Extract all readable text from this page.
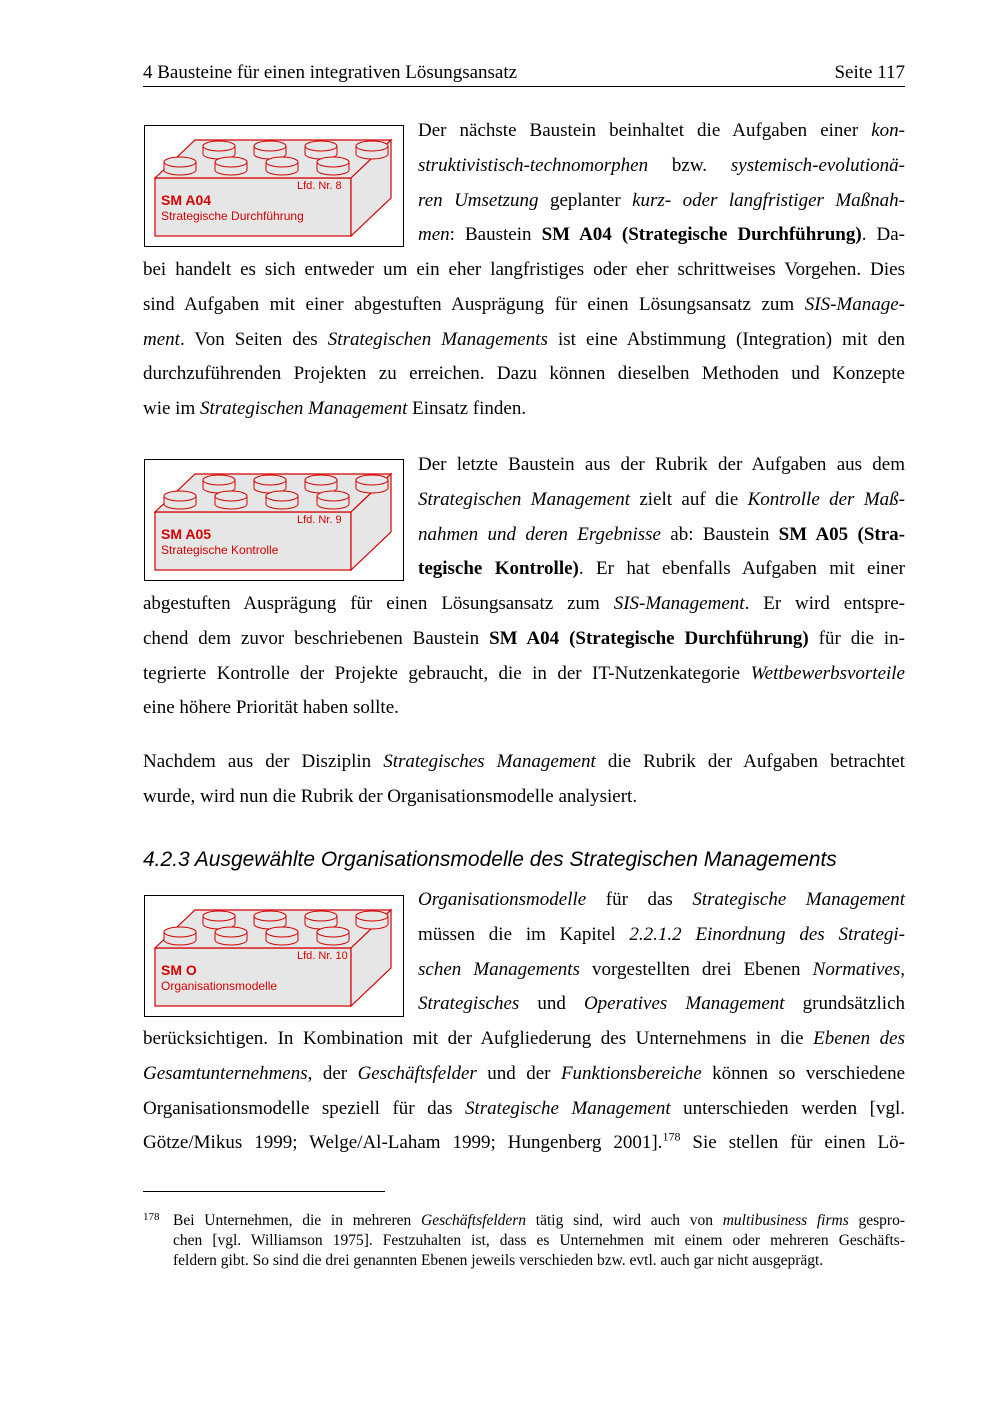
4 Bausteine für einen integrativen Lösungsansatz	Seite 117
Lfd. Nr. 8
SM A04
Strategische Durchführung
Der nächste Baustein beinhaltet die Aufgaben einer kon-
struktivistisch-technomorphen bzw. systemisch-evolutionä-
ren Umsetzung geplanter kurz- oder langfristiger Maßnah-
men: Baustein SM A04 (Strategische Durchführung). Da-
bei handelt es sich entweder um ein eher langfristiges oder eher schrittweises Vorgehen. Dies
sind Aufgaben mit einer abgestuften Ausprägung für einen Lösungsansatz zum SIS-Manage-
ment. Von Seiten des Strategischen Managements ist eine Abstimmung (Integration) mit den
durchzuführenden Projekten zu erreichen. Dazu können dieselben Methoden und Konzepte
wie im Strategischen Management Einsatz finden.
Lfd. Nr. 9
SM A05
Strategische Kontrolle
Der letzte Baustein aus der Rubrik der Aufgaben aus dem
Strategischen Management zielt auf die Kontrolle der Maß-
nahmen und deren Ergebnisse ab: Baustein SM A05 (Stra-
tegische Kontrolle). Er hat ebenfalls Aufgaben mit einer
abgestuften Ausprägung für einen Lösungsansatz zum SIS-Management. Er wird entspre-
chend dem zuvor beschriebenen Baustein SM A04 (Strategische Durchführung) für die in-
tegrierte Kontrolle der Projekte gebraucht, die in der IT-Nutzenkategorie Wettbewerbsvorteile
eine höhere Priorität haben sollte.
Nachdem aus der Disziplin Strategisches Management die Rubrik der Aufgaben betrachtet
wurde, wird nun die Rubrik der Organisationsmodelle analysiert.
4.2.3 Ausgewählte Organisationsmodelle des Strategischen Managements
Lfd. Nr. 10
SM O
Organisationsmodelle
Organisationsmodelle für das Strategische Management
müssen die im Kapitel 2.2.1.2 Einordnung des Strategi-
schen Managements vorgestellten drei Ebenen Normatives,
Strategisches und Operatives Management grundsätzlich
berücksichtigen. In Kombination mit der Aufgliederung des Unternehmens in die Ebenen des
Gesamtunternehmens, der Geschäftsfelder und der Funktionsbereiche können so verschiedene
Organisationsmodelle speziell für das Strategische Management unterschieden werden [vgl.
Götze/Mikus 1999; Welge/Al-Laham 1999; Hungenberg 2001].$^{178}$ Sie stellen für einen Lö-
178 Bei Unternehmen, die in mehreren Geschäftsfeldern tätig sind, wird auch von multibusiness firms gespro-
chen [vgl. Williamson 1975]. Festzuhalten ist, dass es Unternehmen mit einem oder mehreren Geschäfts-
feldern gibt. So sind die drei genannten Ebenen jeweils verschieden bzw. evtl. auch gar nicht ausgeprägt.
